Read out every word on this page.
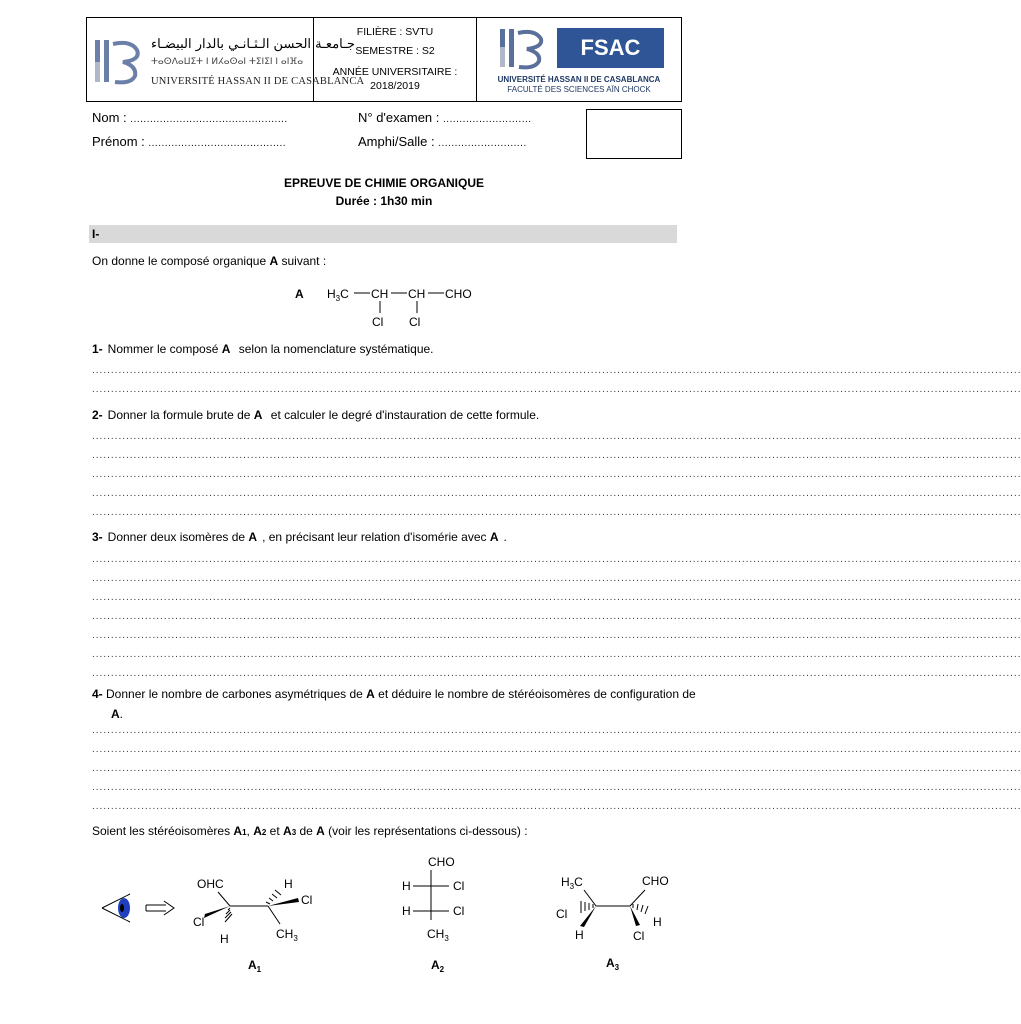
جـامعـة الحسن الـثـانـي بالدار البيضـاء
ⵜⴰⵙⴷⴰⵡⵉⵜ ⵏ ⵍⵃⴰⵙⴰⵏ ⵜⵉⵏⵉⵏ ⵏ ⴰⵏⴼⴰ
UNIVERSITÉ HASSAN II DE CASABLANCA
FILIÈRE : SVTU
SEMESTRE : S2
ANNÉE UNIVERSITAIRE :
2018/2019
FSAC
UNIVERSITÉ HASSAN II DE CASABLANCA
FACULTÉ DES SCIENCES AÏN CHOCK
Nom : ................................................
Prénom : ..........................................
N° d'examen : ...........................
Amphi/Salle : ...........................
EPREUVE DE CHIMIE ORGANIQUE
Durée : 1h30 min
I-
On donne le composé organique A suivant :
A $H_3C$ CH CH CHO
Cl Cl
1- Nommer le composé A selon la nomenclature systématique.
......................................................................................................................................................................................................................................................
......................................................................................................................................................................................................................................................
2- Donner la formule brute de A et calculer le degré d'instauration de cette formule.
......................................................................................................................................................................................................................................................
......................................................................................................................................................................................................................................................
......................................................................................................................................................................................................................................................
......................................................................................................................................................................................................................................................
......................................................................................................................................................................................................................................................
3- Donner deux isomères de A , en précisant leur relation d'isomérie avec A .
......................................................................................................................................................................................................................................................
......................................................................................................................................................................................................................................................
......................................................................................................................................................................................................................................................
......................................................................................................................................................................................................................................................
......................................................................................................................................................................................................................................................
......................................................................................................................................................................................................................................................
......................................................................................................................................................................................................................................................
4- Donner le nombre de carbones asymétriques de A et déduire le nombre de stéréoisomères de configuration de
A.
......................................................................................................................................................................................................................................................
......................................................................................................................................................................................................................................................
......................................................................................................................................................................................................................................................
......................................................................................................................................................................................................................................................
......................................................................................................................................................................................................................................................
Soient les stéréoisomères A1, A2 et A3 de A (voir les représentations ci-dessous) :
OHC
Cl
H
H
Cl
$CH_3$
$A_1$
CHO
H	Cl
H	Cl
$CH_3$
$A_2$
$H_3C$	CHO
Cl
H
H
Cl
$A_3$
